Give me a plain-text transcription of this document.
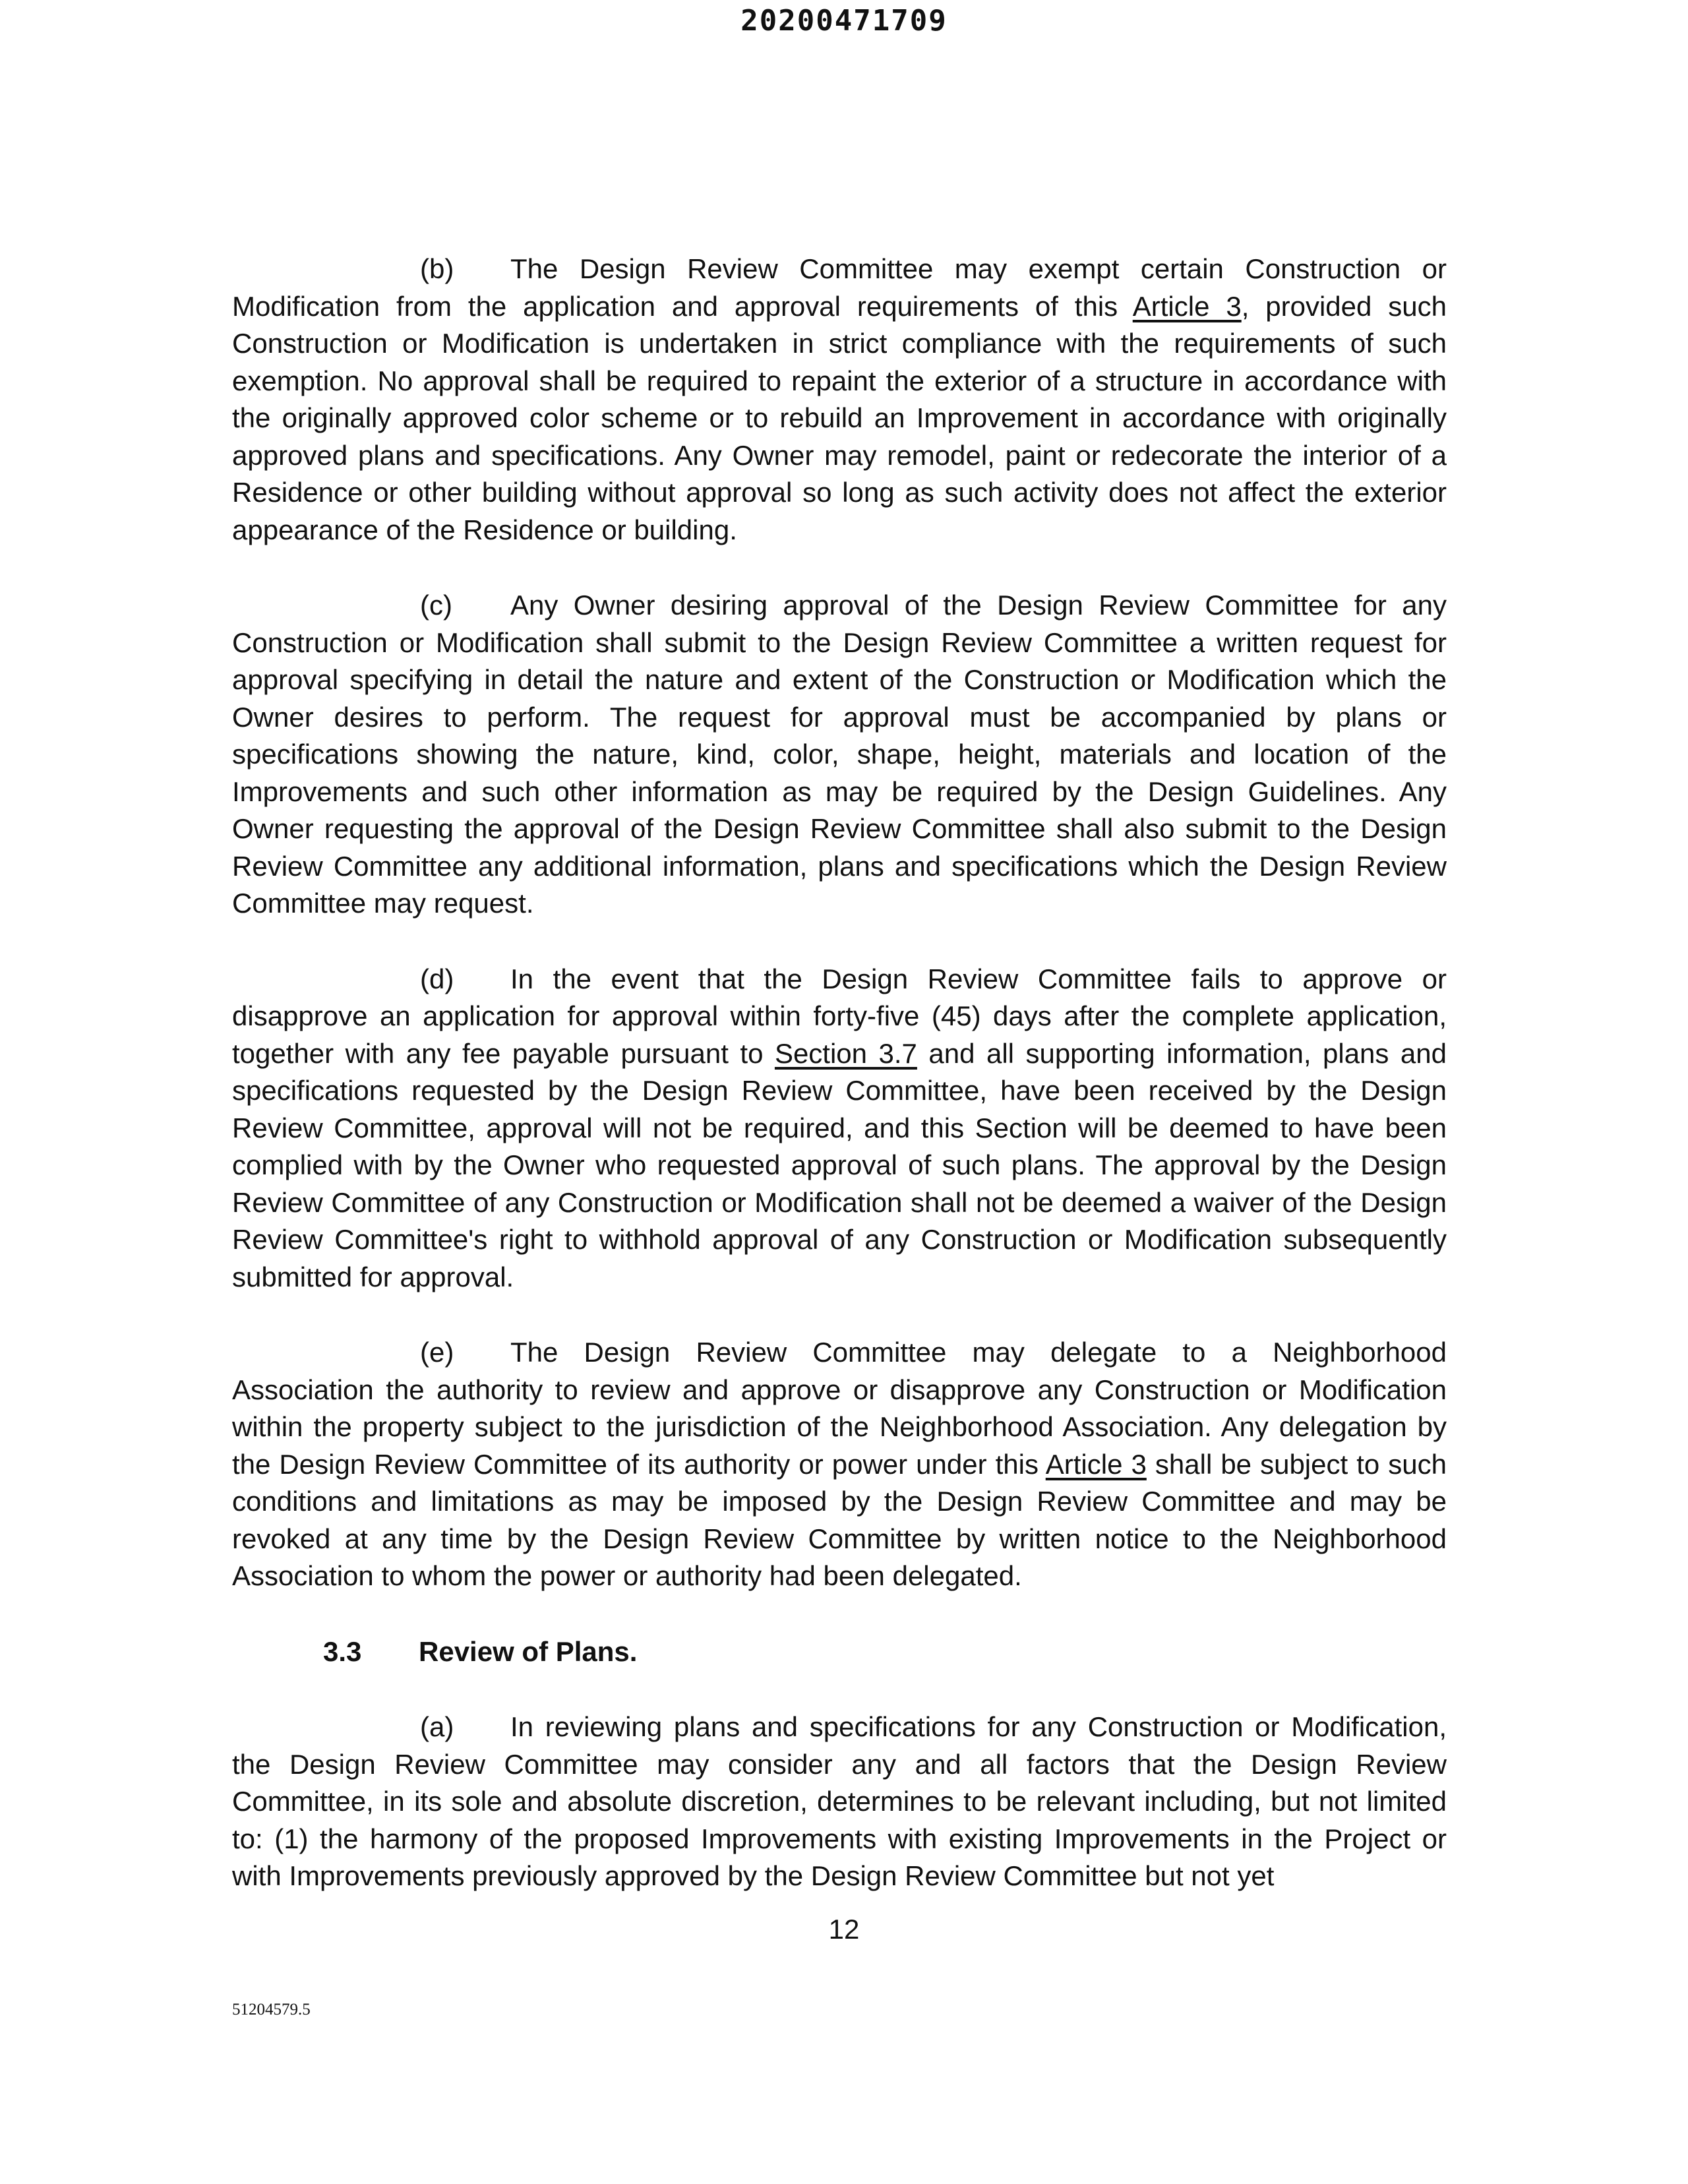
20200471709

(b) The Design Review Committee may exempt certain Construction or Modification from the application and approval requirements of this Article 3, provided such Construction or Modification is undertaken in strict compliance with the requirements of such exemption. No approval shall be required to repaint the exterior of a structure in accordance with the originally approved color scheme or to rebuild an Improvement in accordance with originally approved plans and specifications. Any Owner may remodel, paint or redecorate the interior of a Residence or other building without approval so long as such activity does not affect the exterior appearance of the Residence or building.

(c) Any Owner desiring approval of the Design Review Committee for any Construction or Modification shall submit to the Design Review Committee a written request for approval specifying in detail the nature and extent of the Construction or Modification which the Owner desires to perform. The request for approval must be accompanied by plans or specifications showing the nature, kind, color, shape, height, materials and location of the Improvements and such other information as may be required by the Design Guidelines. Any Owner requesting the approval of the Design Review Committee shall also submit to the Design Review Committee any additional information, plans and specifications which the Design Review Committee may request.

(d) In the event that the Design Review Committee fails to approve or disapprove an application for approval within forty-five (45) days after the complete application, together with any fee payable pursuant to Section 3.7 and all supporting information, plans and specifications requested by the Design Review Committee, have been received by the Design Review Committee, approval will not be required, and this Section will be deemed to have been complied with by the Owner who requested approval of such plans. The approval by the Design Review Committee of any Construction or Modification shall not be deemed a waiver of the Design Review Committee's right to withhold approval of any Construction or Modification subsequently submitted for approval.

(e) The Design Review Committee may delegate to a Neighborhood Association the authority to review and approve or disapprove any Construction or Modification within the property subject to the jurisdiction of the Neighborhood Association. Any delegation by the Design Review Committee of its authority or power under this Article 3 shall be subject to such conditions and limitations as may be imposed by the Design Review Committee and may be revoked at any time by the Design Review Committee by written notice to the Neighborhood Association to whom the power or authority had been delegated.

3.3 Review of Plans.

(a) In reviewing plans and specifications for any Construction or Modification, the Design Review Committee may consider any and all factors that the Design Review Committee, in its sole and absolute discretion, determines to be relevant including, but not limited to: (1) the harmony of the proposed Improvements with existing Improvements in the Project or with Improvements previously approved by the Design Review Committee but not yet

12
51204579.5
